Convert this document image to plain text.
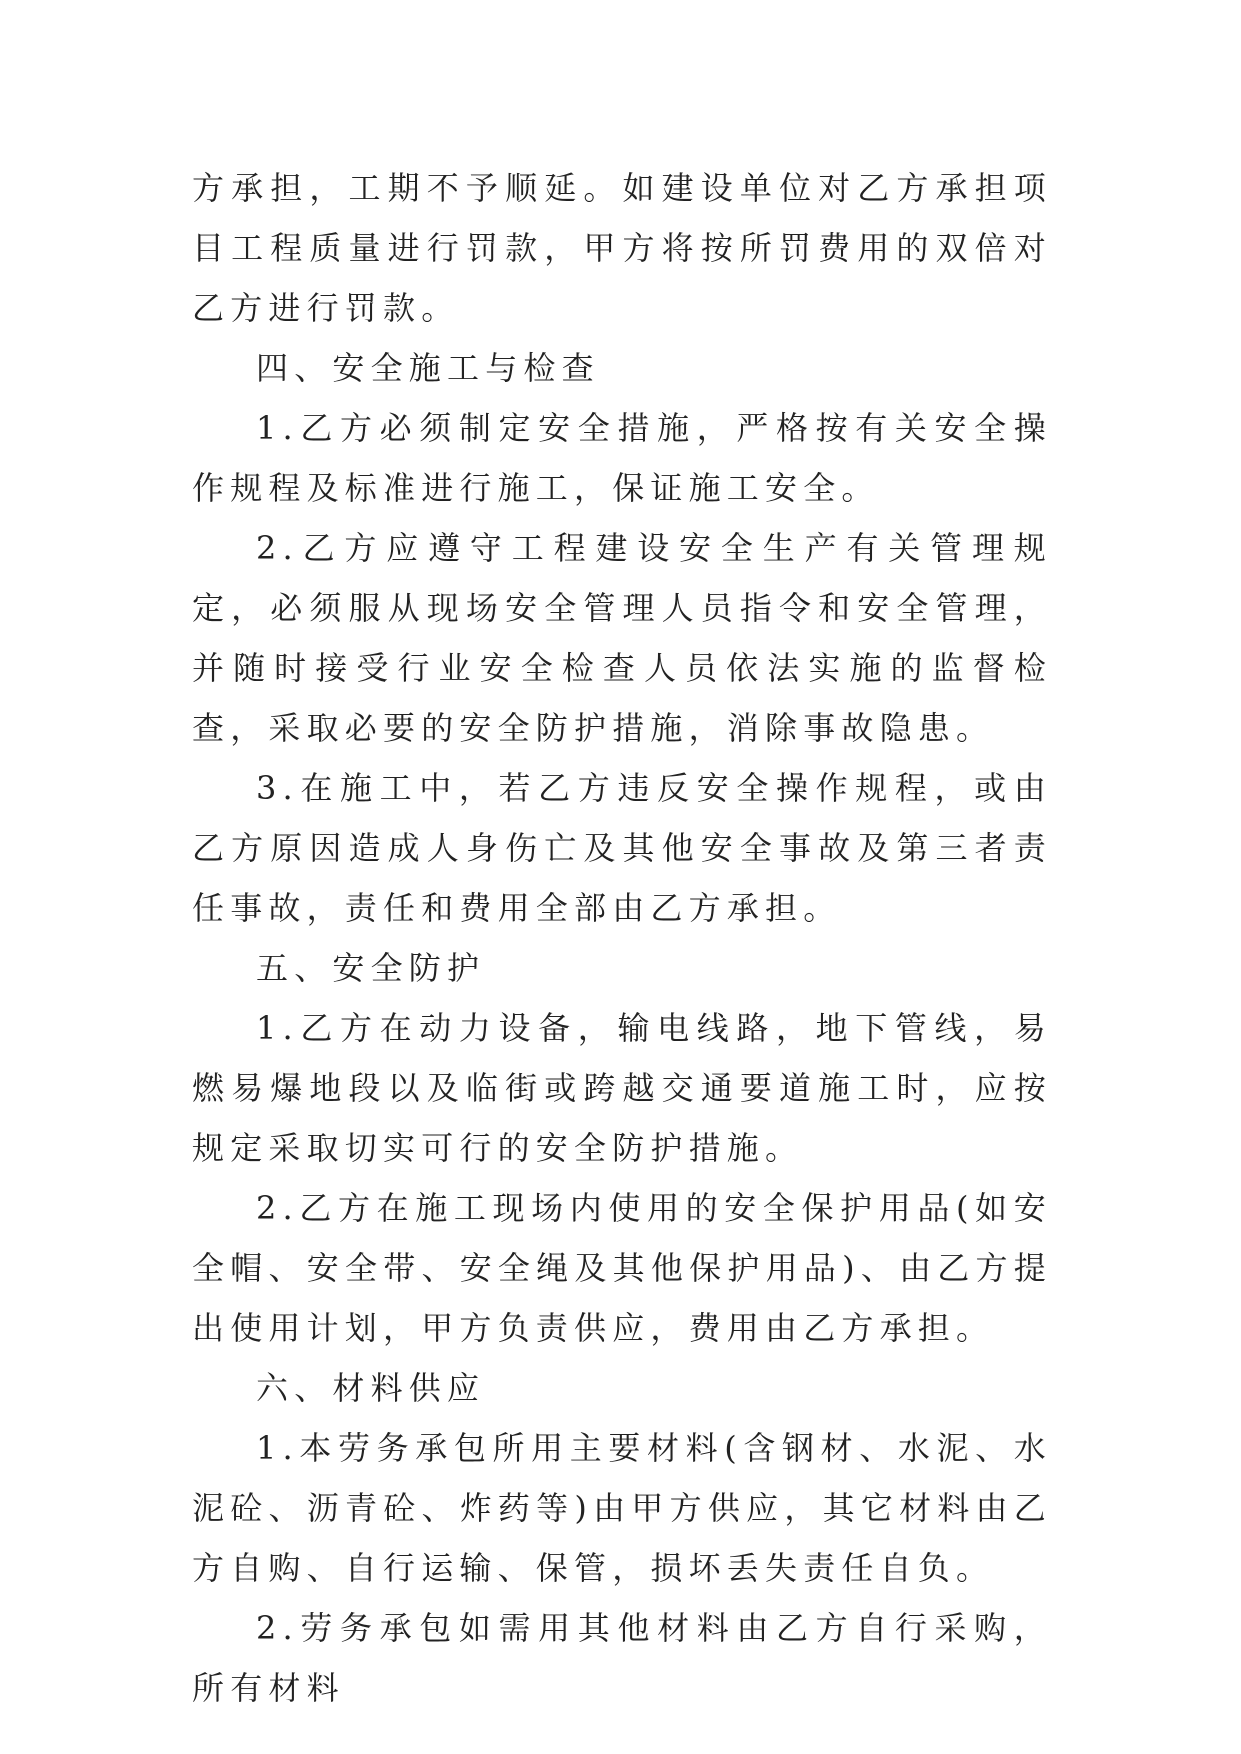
方承担，工期不予顺延。如建设单位对乙方承担项目工程质量进行罚款，甲方将按所罚费用的双倍对乙方进行罚款。

四、安全施工与检查

1.乙方必须制定安全措施，严格按有关安全操作规程及标准进行施工，保证施工安全。

2.乙方应遵守工程建设安全生产有关管理规定，必须服从现场安全管理人员指令和安全管理，并随时接受行业安全检查人员依法实施的监督检查，采取必要的安全防护措施，消除事故隐患。

3.在施工中，若乙方违反安全操作规程，或由乙方原因造成人身伤亡及其他安全事故及第三者责任事故，责任和费用全部由乙方承担。

五、安全防护

1.乙方在动力设备，输电线路，地下管线，易燃易爆地段以及临街或跨越交通要道施工时，应按规定采取切实可行的安全防护措施。

2.乙方在施工现场内使用的安全保护用品(如安全帽、安全带、安全绳及其他保护用品)、由乙方提出使用计划，甲方负责供应，费用由乙方承担。

六、材料供应

1.本劳务承包所用主要材料(含钢材、水泥、水泥砼、沥青砼、炸药等)由甲方供应，其它材料由乙方自购、自行运输、保管，损坏丢失责任自负。

2.劳务承包如需用其他材料由乙方自行采购，所有材料
